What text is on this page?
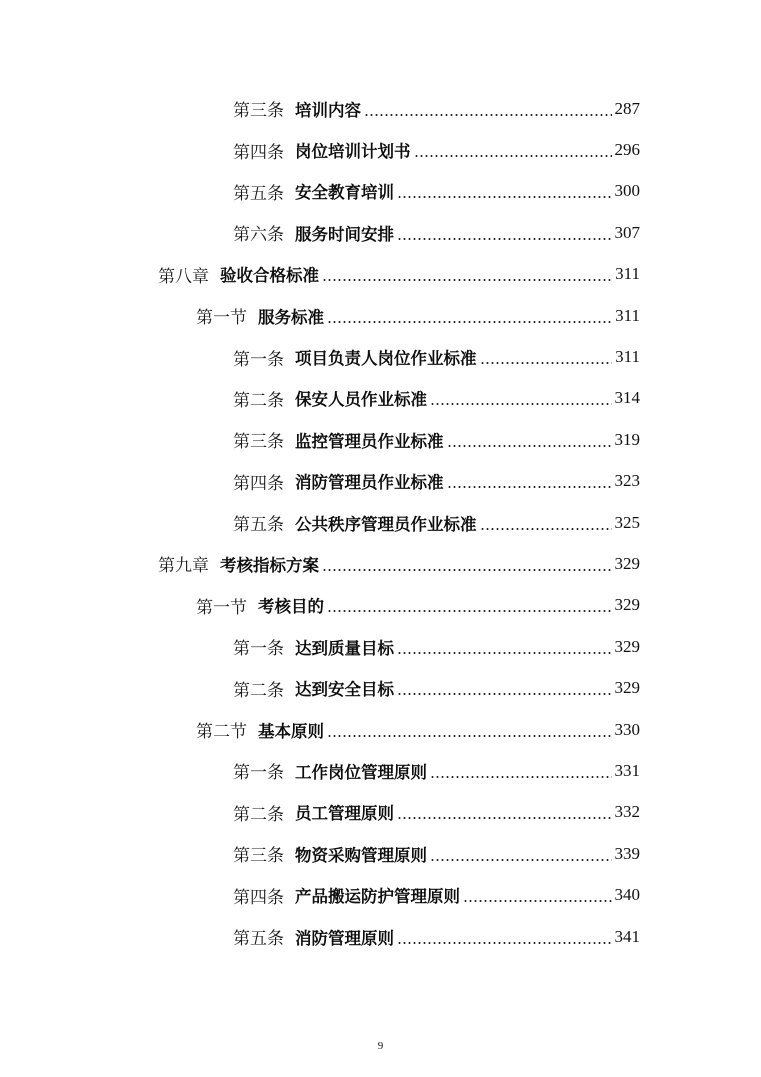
第三条 培训内容	287
第四条 岗位培训计划书	296
第五条 安全教育培训	300
第六条 服务时间安排	307
第八章 验收合格标准	311
第一节 服务标准	311
第一条 项目负责人岗位作业标准	311
第二条 保安人员作业标准	314
第三条 监控管理员作业标准	319
第四条 消防管理员作业标准	323
第五条 公共秩序管理员作业标准	325
第九章 考核指标方案	329
第一节 考核目的	329
第一条 达到质量目标	329
第二条 达到安全目标	329
第二节 基本原则	330
第一条 工作岗位管理原则	331
第二条 员工管理原则	332
第三条 物资采购管理原则	339
第四条 产品搬运防护管理原则	340
第五条 消防管理原则	341
9
